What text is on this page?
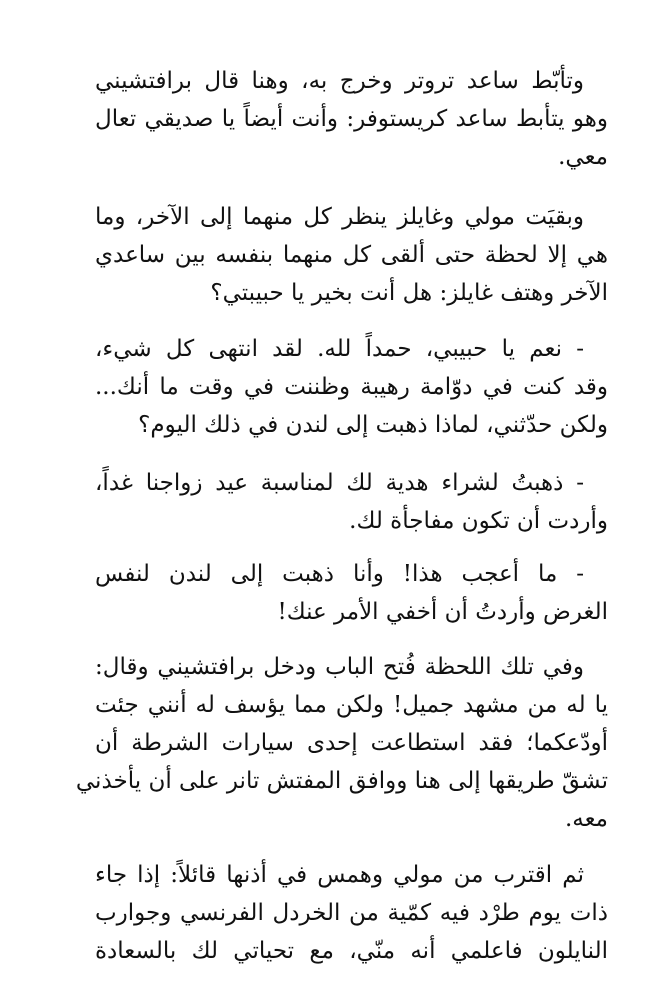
وتأبّط ساعد تروتر وخرج به، وهنا قال برافتشيني
وهو يتأبط ساعد كريستوفر: وأنت أيضاً يا صديقي تعال
معي.
وبقيَت مولي وغايلز ينظر كل منهما إلى الآخر، وما
هي إلا لحظة حتى ألقى كل منهما بنفسه بين ساعدي
الآخر وهتف غايلز: هل أنت بخير يا حبيبتي؟
- نعم يا حبيبي، حمداً لله. لقد انتهى كل شيء،
وقد كنت في دوّامة رهيبة وظننت في وقت ما أنك...
ولكن حدّثني، لماذا ذهبت إلى لندن في ذلك اليوم؟
- ذهبتُ لشراء هدية لك لمناسبة عيد زواجنا غداً،
وأردت أن تكون مفاجأة لك.
- ما أعجب هذا! وأنا ذهبت إلى لندن لنفس
الغرض وأردتُ أن أخفي الأمر عنك!
وفي تلك اللحظة فُتح الباب ودخل برافتشيني وقال:
يا له من مشهد جميل! ولكن مما يؤسف له أنني جئت
أودّعكما؛ فقد استطاعت إحدى سيارات الشرطة أن
تشقّ طريقها إلى هنا ووافق المفتش تانر على أن يأخذني
معه.
ثم اقترب من مولي وهمس في أذنها قائلاً: إذا جاء
ذات يوم طرْد فيه كمّية من الخردل الفرنسي وجوارب
النايلون فاعلمي أنه منّي، مع تحياتي لك بالسعادة
